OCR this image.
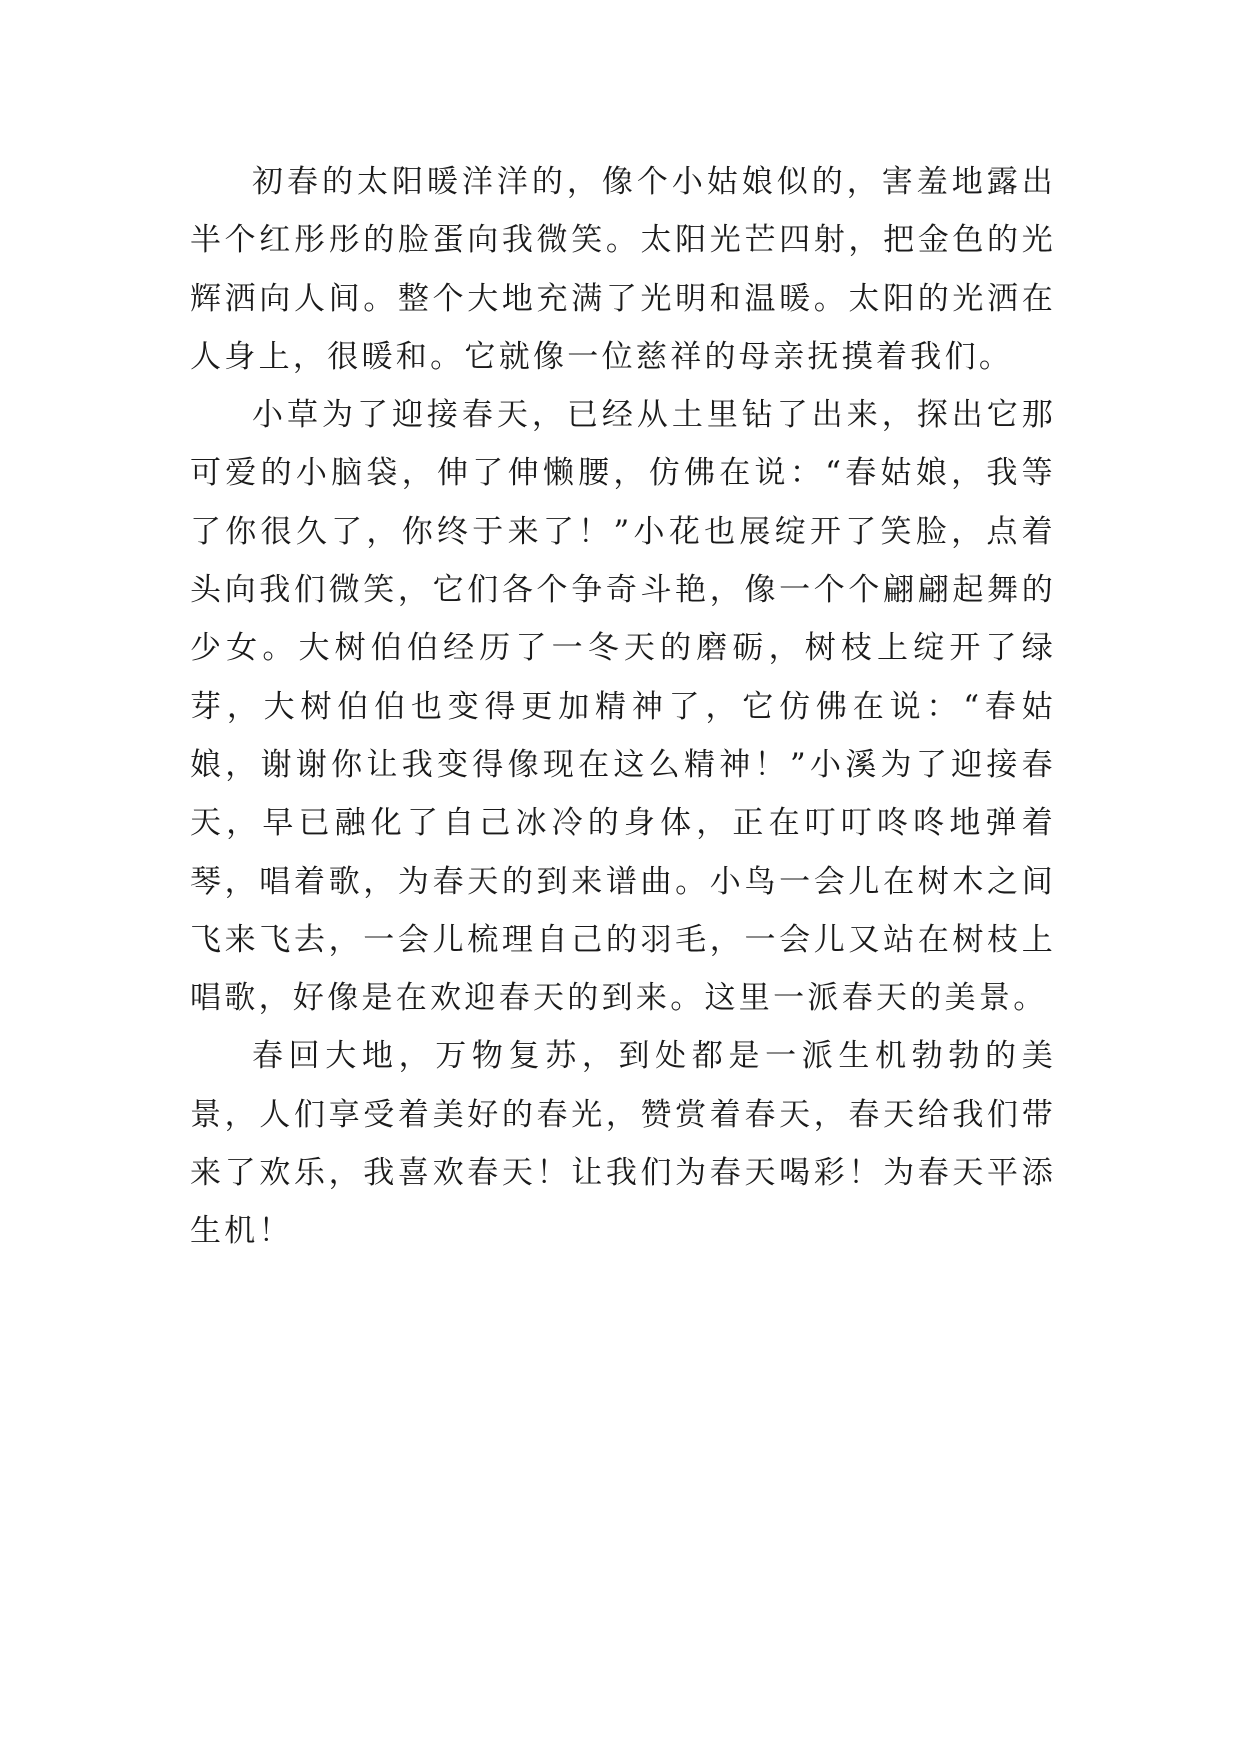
初春的太阳暖洋洋的，像个小姑娘似的，害羞地露出半个红彤彤的脸蛋向我微笑。太阳光芒四射，把金色的光辉洒向人间。整个大地充满了光明和温暖。太阳的光洒在人身上，很暖和。它就像一位慈祥的母亲抚摸着我们。

小草为了迎接春天，已经从土里钻了出来，探出它那可爱的小脑袋，伸了伸懒腰，仿佛在说：“春姑娘，我等了你很久了，你终于来了！”小花也展绽开了笑脸，点着头向我们微笑，它们各个争奇斗艳，像一个个翩翩起舞的少女。大树伯伯经历了一冬天的磨砺，树枝上绽开了绿芽，大树伯伯也变得更加精神了，它仿佛在说：“春姑娘，谢谢你让我变得像现在这么精神！”小溪为了迎接春天，早已融化了自己冰冷的身体，正在叮叮咚咚地弹着琴，唱着歌，为春天的到来谱曲。小鸟一会儿在树木之间飞来飞去，一会儿梳理自己的羽毛，一会儿又站在树枝上唱歌，好像是在欢迎春天的到来。这里一派春天的美景。

春回大地，万物复苏，到处都是一派生机勃勃的美景，人们享受着美好的春光，赞赏着春天，春天给我们带来了欢乐，我喜欢春天！让我们为春天喝彩！为春天平添生机！
